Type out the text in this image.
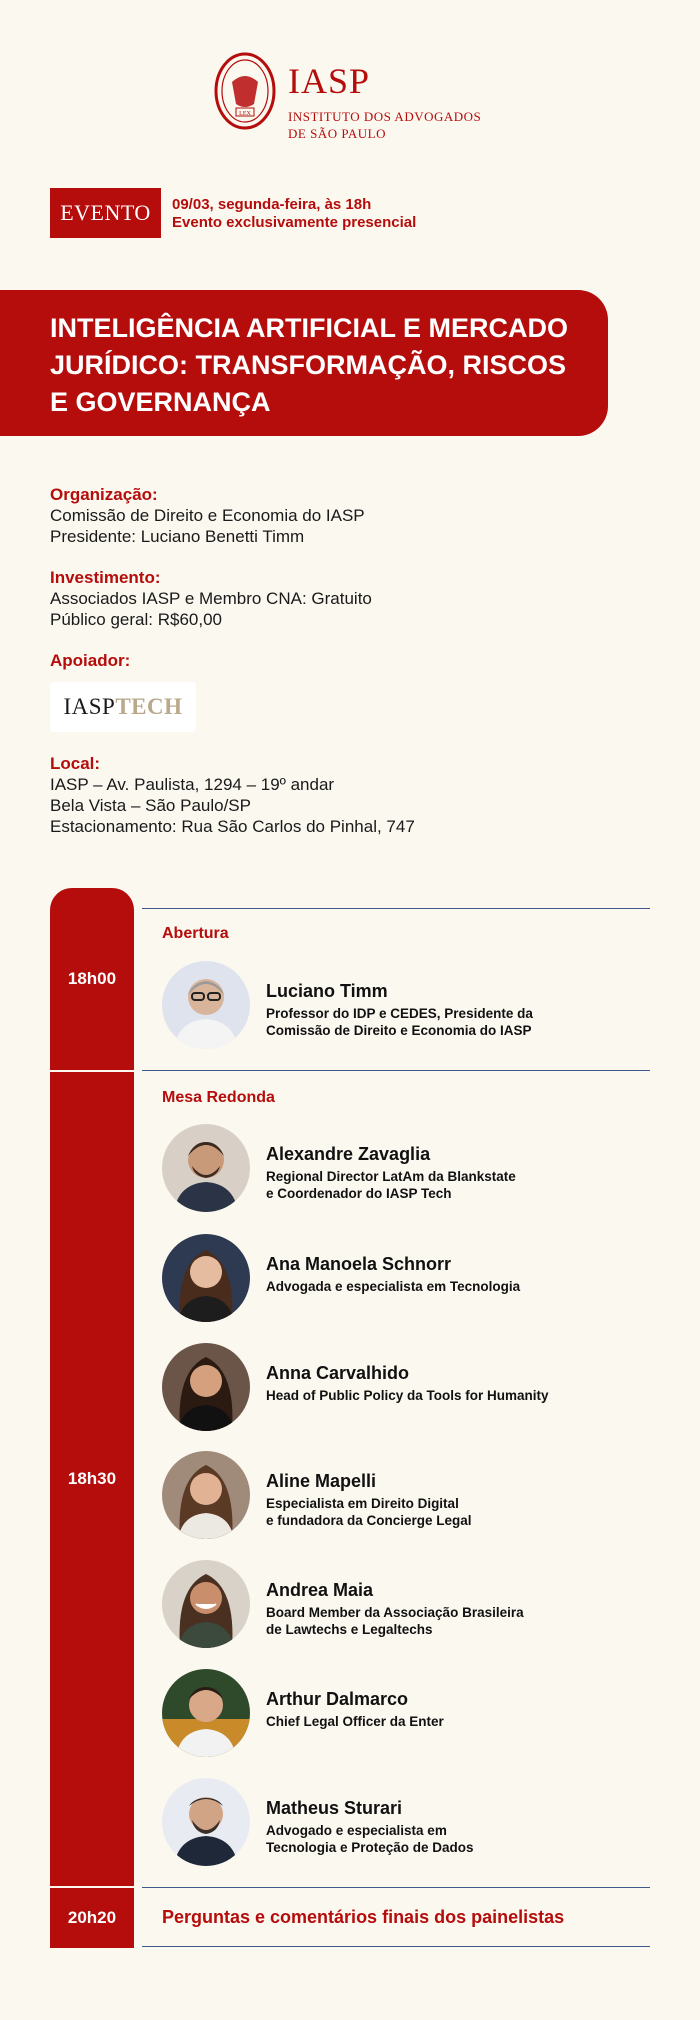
LEX
IASP
INSTITUTO DOS ADVOGADOS
DE SÃO PAULO
EVENTO	09/03, segunda-feira, às 18h
Evento exclusivamente presencial
INTELIGÊNCIA ARTIFICIAL E MERCADO
JURÍDICO: TRANSFORMAÇÃO, RISCOS
E GOVERNANÇA
Organização:
Comissão de Direito e Economia do IASP
Presidente: Luciano Benetti Timm
Investimento:
Associados IASP e Membro CNA: Gratuito
Público geral: R$60,00
Apoiador:
IASP TECH
Local:
IASP – Av. Paulista, 1294 – 19º andar
Bela Vista – São Paulo/SP
Estacionamento: Rua São Carlos do Pinhal, 747
18h00
18h30
20h20
Abertura
Mesa Redonda
Luciano Timm
Professor do IDP e CEDES, Presidente da
Comissão de Direito e Economia do IASP
Alexandre Zavaglia
Regional Director LatAm da Blankstate
e Coordenador do IASP Tech
Ana Manoela Schnorr
Advogada e especialista em Tecnologia
Anna Carvalhido
Head of Public Policy da Tools for Humanity
Aline Mapelli
Especialista em Direito Digital
e fundadora da Concierge Legal
Andrea Maia
Board Member da Associação Brasileira
de Lawtechs e Legaltechs
Arthur Dalmarco
Chief Legal Officer da Enter
Matheus Sturari
Advogado e especialista em
Tecnologia e Proteção de Dados
Perguntas e comentários finais dos painelistas
